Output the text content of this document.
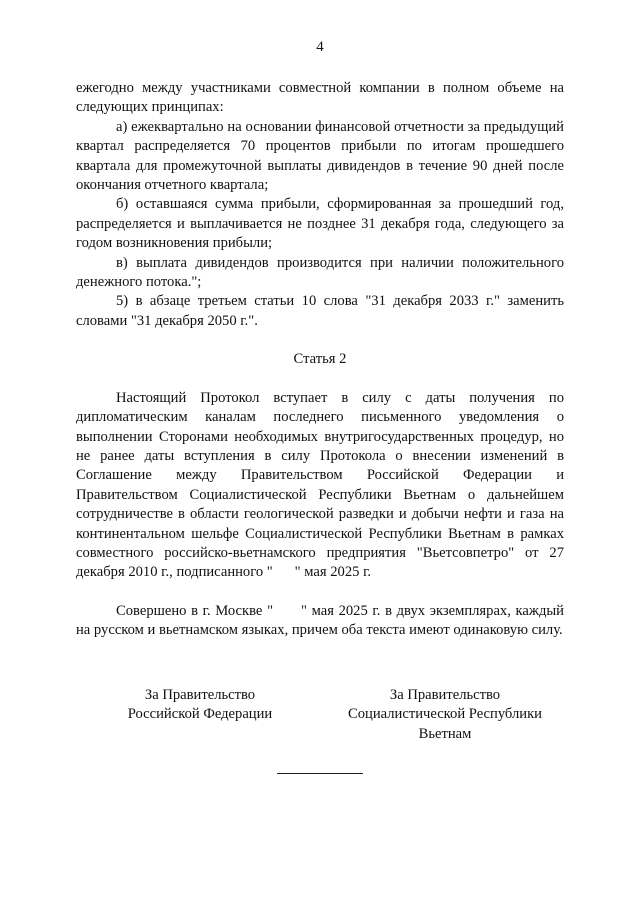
4

ежегодно между участниками совместной компании в полном объеме на следующих принципах:

а) ежеквартально на основании финансовой отчетности за предыдущий квартал распределяется 70 процентов прибыли по итогам прошедшего квартала для промежуточной выплаты дивидендов в течение 90 дней после окончания отчетного квартала;

б) оставшаяся сумма прибыли, сформированная за прошедший год, распределяется и выплачивается не позднее 31 декабря года, следующего за годом возникновения прибыли;

в) выплата дивидендов производится при наличии положительного денежного потока.";

5) в абзаце третьем статьи 10 слова "31 декабря 2033 г." заменить словами "31 декабря 2050 г.".

Статья 2

Настоящий Протокол вступает в силу с даты получения по дипломатическим каналам последнего письменного уведомления о выполнении Сторонами необходимых внутригосударственных процедур, но не ранее даты вступления в силу Протокола о внесении изменений в Соглашение между Правительством Российской Федерации и Правительством Социалистической Республики Вьетнам о дальнейшем сотрудничестве в области геологической разведки и добычи нефти и газа на континентальном шельфе Социалистической Республики Вьетнам в рамках совместного российско-вьетнамского предприятия "Вьетсовпетро" от 27 декабря 2010 г., подписанного "      " мая 2025 г.

Совершено в г. Москве "      " мая 2025 г. в двух экземплярах, каждый на русском и вьетнамском языках, причем оба текста имеют одинаковую силу.

За Правительство
Российской Федерации
За Правительство
Социалистической Республики
Вьетнам
